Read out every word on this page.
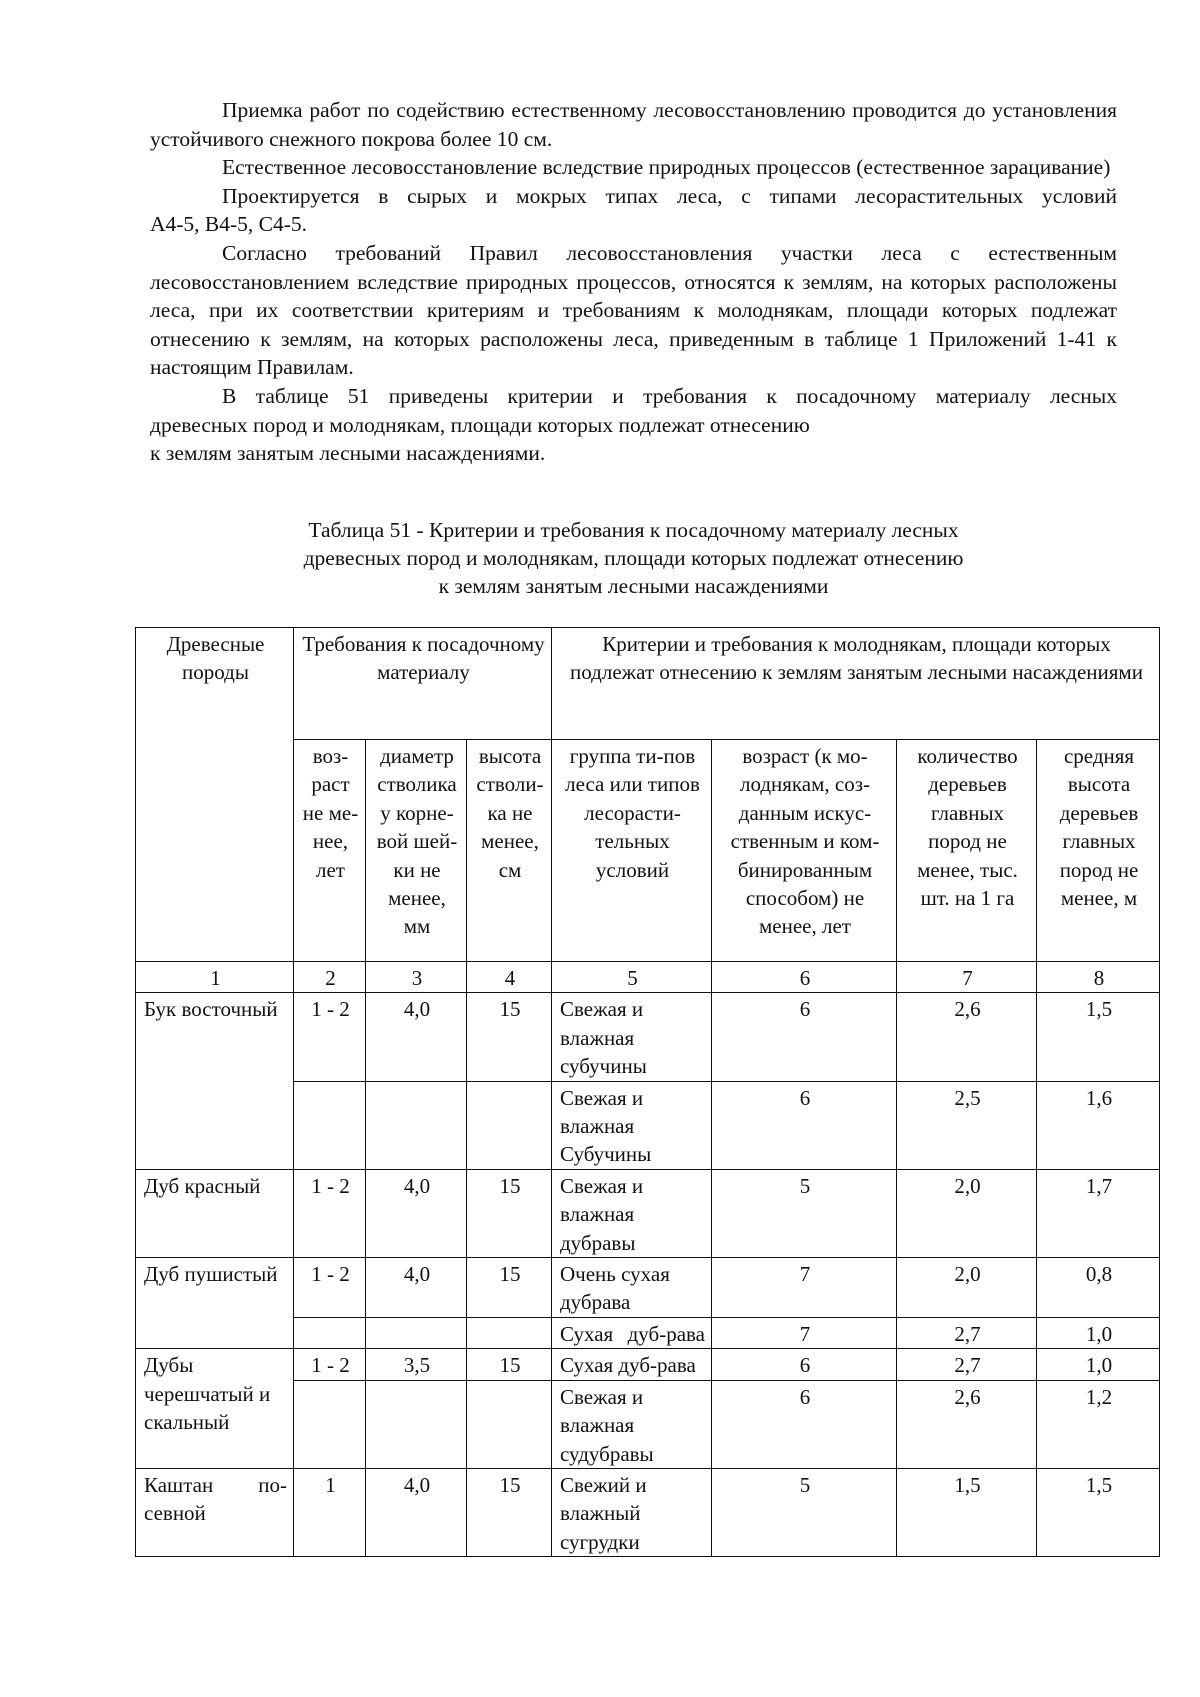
Приемка работ по содействию естественному лесовосстановлению проводится до установления устойчивого снежного покрова более 10 см.

Естественное лесовосстановление вследствие природных процессов (естественное зарацивание)

Проектируется в сырых и мокрых типах леса, с типами лесорастительных условий

А4-5, В4-5, С4-5.

Согласно требований Правил лесовосстановления участки леса с естественным лесовосстановлением вследствие природных процессов, относятся к землям, на которых расположены леса, при их соответствии критериям и требованиям к молоднякам, площади которых подлежат отнесению к землям, на которых расположены леса, приведенным в таблице 1 Приложений 1-41 к настоящим Правилам.

В таблице 51 приведены критерии и требования к посадочному материалу лесных

древесных пород и молоднякам, площади которых подлежат отнесению

к землям занятым лесными насаждениями.

Таблица 51 - Критерии и требования к посадочному материалу лесных
древесных пород и молоднякам, площади которых подлежат отнесению
к землям занятым лесными насаждениями
Древесные породы	Требования к посадочному материалу			Критерии и требования к молоднякам, площади которых подлежат отнесению к землям занятым лесными насаждениями			
	воз-раст не ме-нее, лет	диаметр стволика у корне-вой шей-ки не менее, мм	высота стволи-ка не менее, см	группа ти-пов леса или типов лесорасти-тельных условий	возраст (к мо-лоднякам, соз-данным искус-ственным и ком-бинированным способом) не менее, лет	количество деревьев главных пород не менее, тыс. шт. на 1 га	средняя высота деревьев главных пород не менее, м
1	2	3	4	5	6	7	8
Бук восточный	1 - 2	4,0	15	Свежая и влажная субучины	6	2,6	1,5
				Свежая и влажная Субучины	6	2,5	1,6
Дуб красный	1 - 2	4,0	15	Свежая и влажная дубравы	5	2,0	1,7
Дуб пушистый	1 - 2	4,0	15	Очень сухая дубрава	7	2,0	0,8
				Сухая дуб-рава	7	2,7	1,0
Дубы черешчатый и скальный	1 - 2	3,5	15	Сухая дуб-рава	6	2,7	1,0
				Свежая и влажная судубравы	6	2,6	1,2
Каштан по-севной	1	4,0	15	Свежий и влажный сугрудки	5	1,5	1,5
